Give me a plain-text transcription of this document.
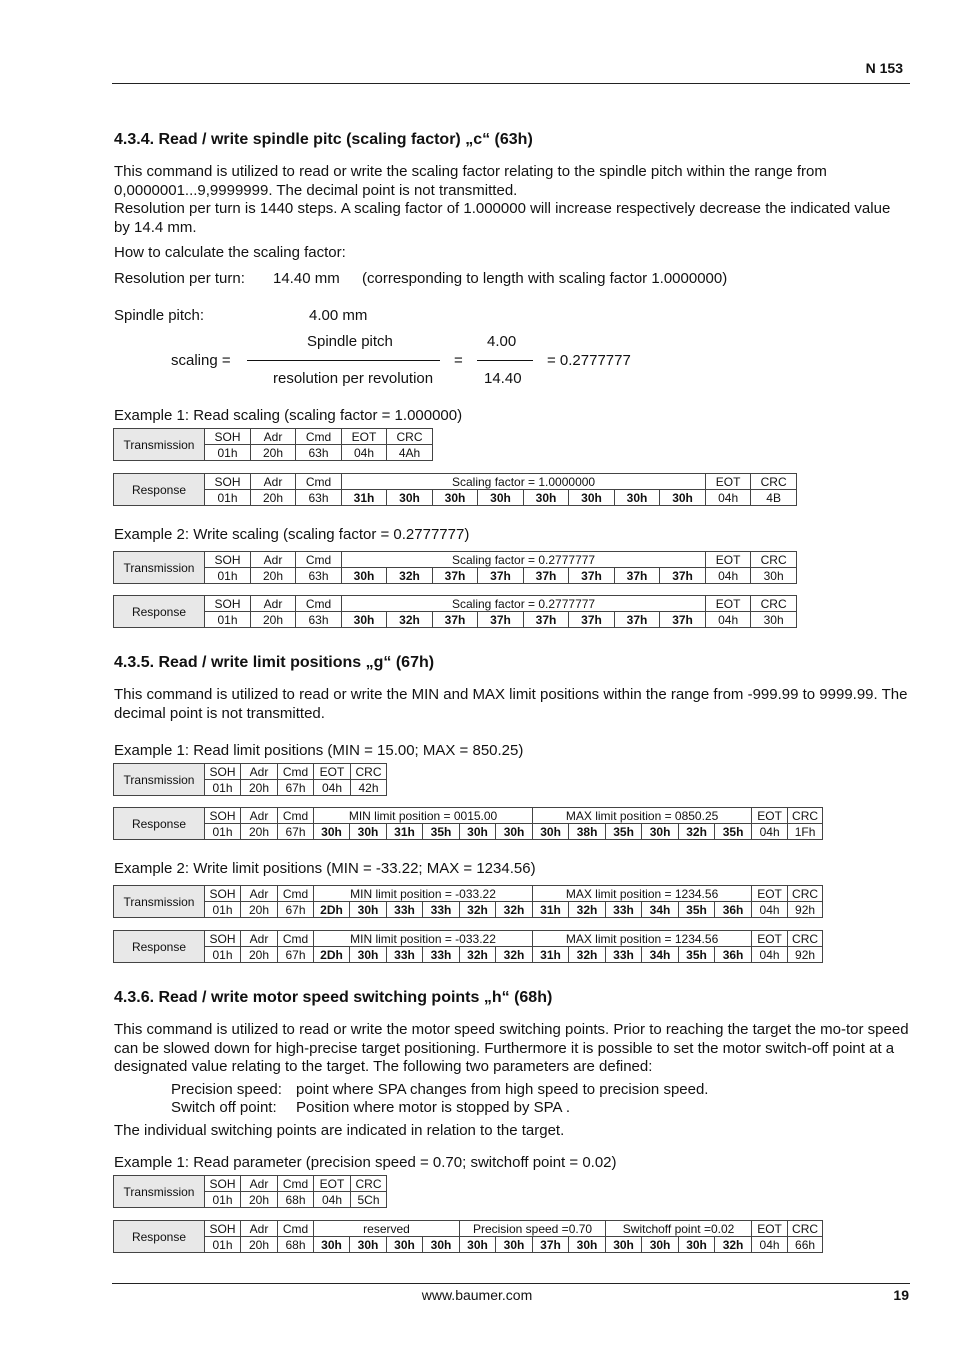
N 153
4.3.4. Read / write spindle pitc (scaling factor) „c“ (63h)

This command is utilized to read or write the scaling factor relating to the spindle pitch within the range from 0,0000001...9,9999999. The decimal point is not transmitted.

Resolution per turn is 1440 steps. A scaling factor of 1.000000 will increase respectively decrease the indicated value by 14.4 mm.

How to calculate the scaling factor:

Resolution per turn: 14.40 mm (corresponding to length with scaling factor 1.0000000)
Spindle pitch:	4.00 mm
scaling =
Spindle pitch
resolution per revolution
=
4.00
14.40
= 0.2777777
Example 1: Read scaling (scaling factor = 1.000000)
Transmission	SOH	Adr	Cmd	EOT	CRC
	01h	20h	63h	04h	4Ah
Response	SOH	Adr	Cmd	Scaling factor = 1.0000000								EOT	CRC
	01h	20h	63h	31h	30h	30h	30h	30h	30h	30h	30h	04h	4B
Example 2: Write scaling (scaling factor = 0.2777777)
Transmission	SOH	Adr	Cmd	Scaling factor = 0.2777777								EOT	CRC
	01h	20h	63h	30h	32h	37h	37h	37h	37h	37h	37h	04h	30h
Response	SOH	Adr	Cmd	Scaling factor = 0.2777777								EOT	CRC
	01h	20h	63h	30h	32h	37h	37h	37h	37h	37h	37h	04h	30h
4.3.5. Read / write limit positions „g“ (67h)

This command is utilized to read or write the MIN and MAX limit positions within the range from -999.99 to 9999.99. The decimal point is not transmitted.

Example 1: Read limit positions (MIN = 15.00; MAX = 850.25)
Transmission	SOH	Adr	Cmd	EOT	CRC
	01h	20h	67h	04h	42h
Response	SOH	Adr	Cmd	MIN limit position = 0015.00						MAX limit position = 0850.25						EOT	CRC
	01h	20h	67h	30h	30h	31h	35h	30h	30h	30h	38h	35h	30h	32h	35h	04h	1Fh
Example 2: Write limit positions (MIN = -33.22; MAX = 1234.56)
Transmission	SOH	Adr	Cmd	MIN limit position = -033.22						MAX limit position = 1234.56						EOT	CRC
	01h	20h	67h	2Dh	30h	33h	33h	32h	32h	31h	32h	33h	34h	35h	36h	04h	92h
Response	SOH	Adr	Cmd	MIN limit position = -033.22						MAX limit position = 1234.56						EOT	CRC
	01h	20h	67h	2Dh	30h	33h	33h	32h	32h	31h	32h	33h	34h	35h	36h	04h	92h
4.3.6. Read / write motor speed switching points „h“ (68h)

This command is utilized to read or write the motor speed switching points. Prior to reaching the target the mo-tor speed can be slowed down for high-precise target positioning. Furthermore it is possible to set the motor switch-off point at a designated value relating to the target. The following two parameters are defined:

Precision speed: point where SPA changes from high speed to precision speed.
Switch off point: Position where motor is stopped by SPA .

The individual switching points are indicated in relation to the target.

Example 1: Read parameter (precision speed = 0.70; switchoff point = 0.02)
Transmission	SOH	Adr	Cmd	EOT	CRC
	01h	20h	68h	04h	5Ch
Response	SOH	Adr	Cmd	reserved				Precision speed =0.70				Switchoff point =0.02				EOT	CRC
	01h	20h	68h	30h	30h	30h	30h	30h	30h	37h	30h	30h	30h	30h	32h	04h	66h
www.baumer.com	19
